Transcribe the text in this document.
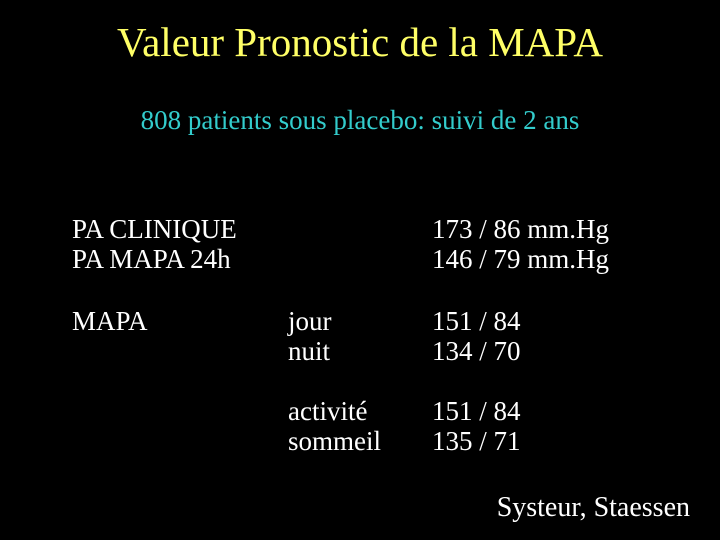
Valeur Pronostic de la MAPA
808 patients sous placebo: suivi de 2 ans
PA CLINIQUE	173 / 86 mm.Hg
PA MAPA 24h	146 / 79 mm.Hg
MAPA	jour	151 / 84
nuit	134 / 70
activité 151 / 84
sommeil 135 / 71
Systeur, Staessen
